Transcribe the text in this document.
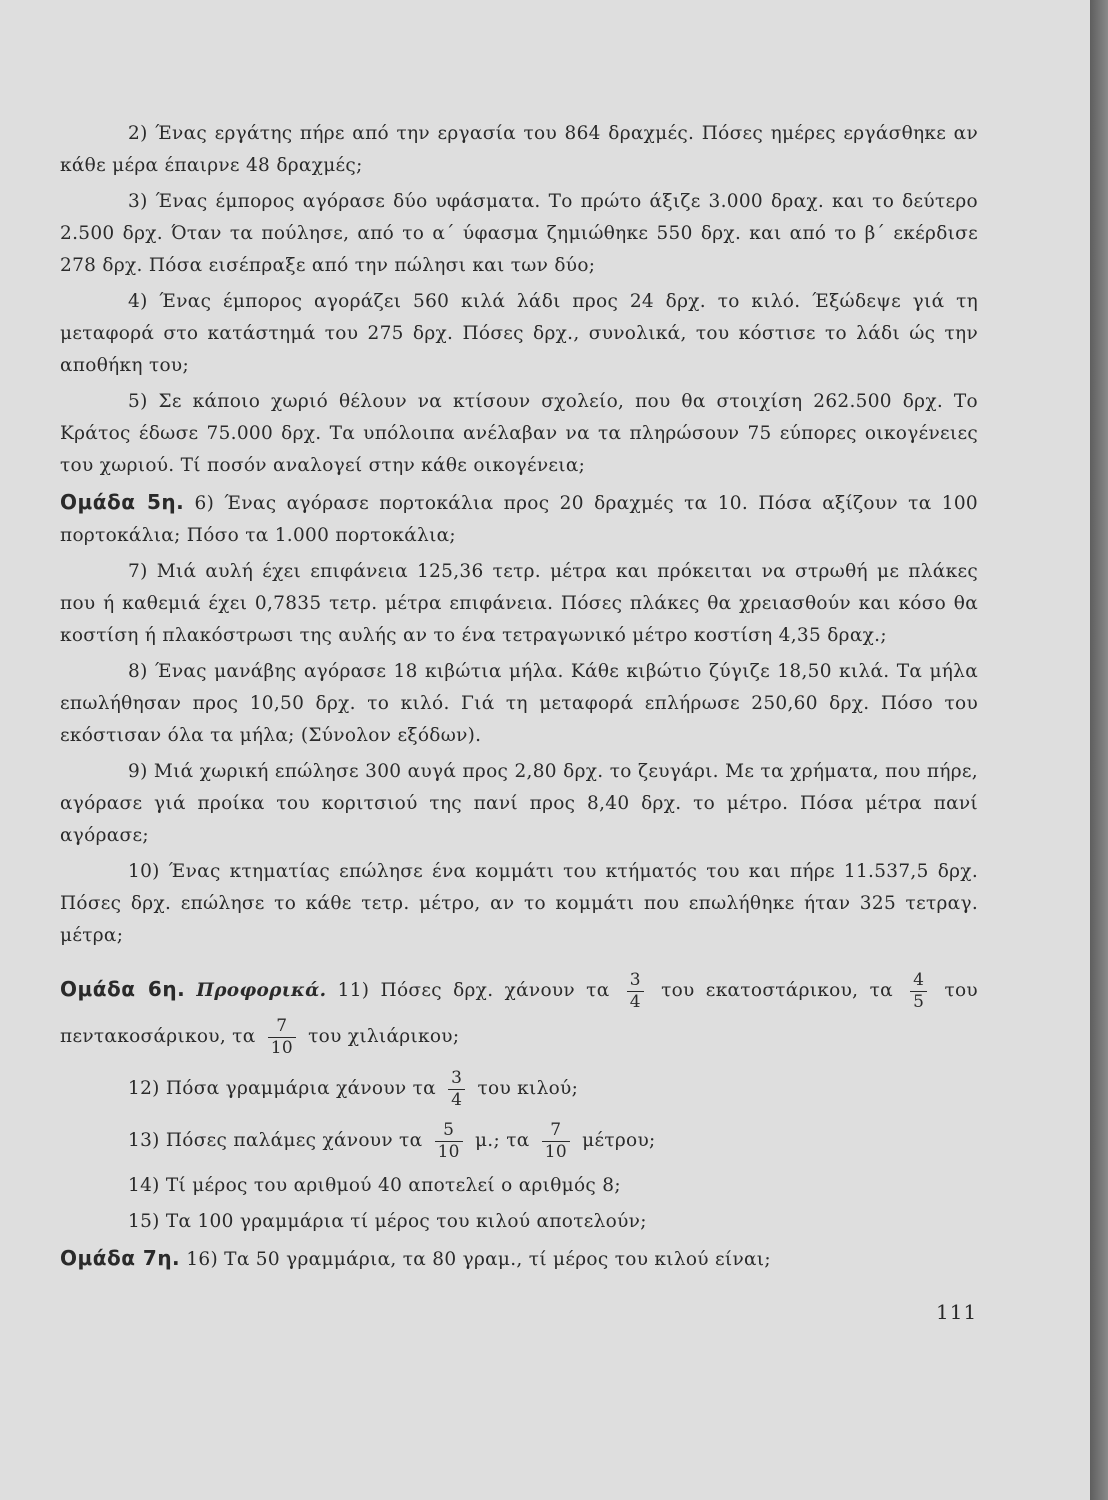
2) Ένας εργάτης πήρε από την εργασία του 864 δραχμές. Πόσες ημέρες εργάσθηκε αν κάθε μέρα έπαιρνε 48 δραχμές;

3) Ένας έμπορος αγόρασε δύο υφάσματα. Το πρώτο άξιζε 3.000 δραχ. και το δεύτερο 2.500 δρχ. Όταν τα πούλησε, από το α΄ ύφασμα ζημιώθηκε 550 δρχ. και από το β΄ εκέρδισε 278 δρχ. Πόσα εισέπραξε από την πώλησι και των δύο;

4) Ένας έμπορος αγοράζει 560 κιλά λάδι προς 24 δρχ. το κιλό. Έξώδεψε γιά τη μεταφορά στο κατάστημά του 275 δρχ. Πόσες δρχ., συνολικά, του κόστισε το λάδι ώς την αποθήκη του;

5) Σε κάποιο χωριό θέλουν να κτίσουν σχολείο, που θα στοιχίση 262.500 δρχ. Το Κράτος έδωσε 75.000 δρχ. Τα υπόλοιπα ανέλαβαν να τα πληρώσουν 75 εύπορες οικογένειες του χωριού. Τί ποσόν αναλογεί στην κάθε οικογένεια;

Ομάδα 5η. 6) Ένας αγόρασε πορτοκάλια προς 20 δραχμές τα 10. Πόσα αξίζουν τα 100 πορτοκάλια; Πόσο τα 1.000 πορτοκάλια;

7) Μιά αυλή έχει επιφάνεια 125,36 τετρ. μέτρα και πρόκειται να στρωθή με πλάκες που ή καθεμιά έχει 0,7835 τετρ. μέτρα επιφάνεια. Πόσες πλάκες θα χρειασθούν και κόσο θα κοστίση ή πλακόστρωσι της αυλής αν το ένα τετραγωνικό μέτρο κοστίση 4,35 δραχ.;

8) Ένας μανάβης αγόρασε 18 κιβώτια μήλα. Κάθε κιβώτιο ζύγιζε 18,50 κιλά. Τα μήλα επωλήθησαν προς 10,50 δρχ. το κιλό. Γιά τη μεταφορά επλήρωσε 250,60 δρχ. Πόσο του εκόστισαν όλα τα μήλα; (Σύνολον εξόδων).

9) Μιά χωρική επώλησε 300 αυγά προς 2,80 δρχ. το ζευγάρι. Με τα χρήματα, που πήρε, αγόρασε γιά προίκα του κοριτσιού της πανί προς 8,40 δρχ. το μέτρο. Πόσα μέτρα πανί αγόρασε;

10) Ένας κτηματίας επώλησε ένα κομμάτι του κτήματός του και πήρε 11.537,5 δρχ. Πόσες δρχ. επώλησε το κάθε τετρ. μέτρο, αν το κομμάτι που επωλήθηκε ήταν 325 τετραγ. μέτρα;

Ομάδα 6η. Προφορικά. 11) Πόσες δρχ. χάνουν τα $\frac{3}{4}$ του εκατοστάρικου, τα $\frac{4}{5}$ του πεντακοσάρικου, τα $\frac{7}{10}$ του χιλιάρικου;

12) Πόσα γραμμάρια χάνουν τα $\frac{3}{4}$ του κιλού;

13) Πόσες παλάμες χάνουν τα $\frac{5}{10} \mu$.; τα $\frac{7}{10} \mu έ\tau\rho o\upsilon$;

14) Τί μέρος του αριθμού 40 αποτελεί ο αριθμός 8;

15) Τα 100 γραμμάρια τί μέρος του κιλού αποτελούν;

Ομάδα 7η. 16) Τα 50 γραμμάρια, τα 80 γραμ., τί μέρος του κιλού είναι;

111
